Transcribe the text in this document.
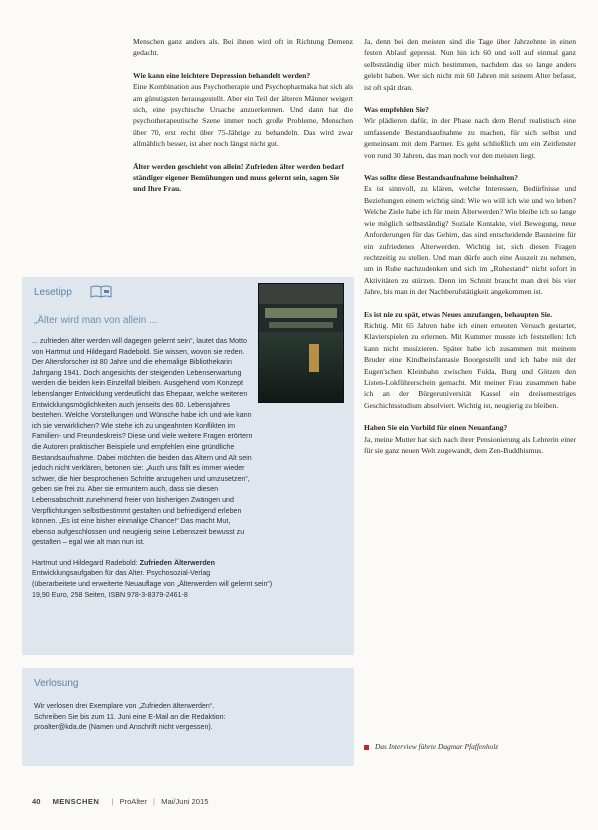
Menschen ganz anders als. Bei ihnen wird oft in Richtung Demenz gedacht.

Wie kann eine leichtere Depression behandelt werden?

Eine Kombination aus Psychotherapie und Psychopharmaka hat sich als am günstigsten herausgestellt. Aber ein Teil der älteren Männer weigert sich, eine psychische Ursache anzuerkennen. Und dann hat die psychotherapeutische Szene immer noch große Probleme, Menschen über 70, erst recht über 75-Jährige zu behandeln. Das wird zwar allmählich besser, ist aber noch längst nicht gut.

Älter werden geschieht von allein! Zufrieden älter werden bedarf ständiger eigener Bemühungen und muss gelernt sein, sagen Sie und Ihre Frau.

Lesetipp
„Älter wird man von allein ...

... zufrieden älter werden will dagegen gelernt sein“, lautet das Motto von Hartmut und Hildegard Radebold. Sie wissen, wovon sie reden. Der Altersforscher ist 80 Jahre und die ehemalige Bibliothekarin Jahrgang 1941. Doch angesichts der steigenden Lebenserwartung werden die beiden kein Einzelfall bleiben. Ausgehend vom Konzept lebenslanger Entwicklung verdeutlicht das Ehepaar, welche weiteren Entwicklungsmöglichkeiten auch jenseits des 60. Lebensjahres bestehen. Welche Vorstellungen und Wünsche habe ich und wie kann ich sie verwirklichen? Wie stehe ich zu ungeahnten Konflikten im Familien- und Freundeskreis? Diese und viele weitere Fragen erörtern die Autoren praktischer Beispiele und empfehlen eine gründliche Bestandsaufnahme. Dabei möchten die beiden das Altern und Alt sein jedoch nicht verklären, betonen sie: „Auch uns fällt es immer wieder schwer, die hier besprochenen Schritte anzugehen und umzusetzen“, geben sie frei zu. Aber sie ermuntern auch, dass sie diesen Lebensabschnitt zunehmend freier von bisherigen Zwängen und Verpflichtungen selbstbestimmt gestalten und befriedigend erleben können. „Es ist eine bisher einmalige Chance!“ Das macht Mut, ebenso aufgeschlossen und neugierig seine Lebenszeit bewusst zu gestalten – egal wie alt man nun ist.

Hartmut und Hildegard Radebold: Zufrieden Älterwerden
Entwicklungsaufgaben für das Alter. Psychosozial-Verlag
(überarbeitete und erweiterte Neuauflage von „Älterwerden will gelernt sein“)
19,90 Euro, 258 Seiten, ISBN 978-3-8379-2461-8
Verlosung
Wir verlosen drei Exemplare von „Zufrieden älterwerden“.
Schreiben Sie bis zum 11. Juni eine E-Mail an die Redaktion:
proalter@kda.de (Namen und Anschrift nicht vergessen).

Ja, denn bei den meisten sind die Tage über Jahrzehnte in einen festen Ablauf gepresst. Nun hin ich 60 und soll auf einmal ganz selbstständig über mich bestimmen, nachdem das so lange anders gelebt haben. Wer sich nicht mit 60 Jahren mit seinem Alter befasst, ist oft spät dran.

Was empfehlen Sie?

Wir plädieren dafür, in der Phase nach dem Beruf realistisch eine umfassende Bestandsaufnahme zu machen, für sich selbst und gemeinsam mit dem Partner. Es geht schließlich um ein Zeitfenster von rund 30 Jahren, das man noch vor den meisten liegt.

Was sollte diese Bestandsaufnahme beinhalten?

Es ist sinnvoll, zu klären, welche Interessen, Bedürfnisse und Beziehungen einem wichtig sind: Wie wo will ich wie und wo leben? Welche Ziele habe ich für mein Älterwerden? Wie bleibe ich so lange wie möglich selbstständig? Soziale Kontakte, viel Bewegung, neue Anforderungen für das Gehirn, das sind entscheidende Bausteine für ein zufriedenes Älterwerden. Wichtig ist, sich diesen Fragen rechtzeitig zu stellen. Und man dürfe auch eine Auszeit zu nehmen, um in Ruhe nachzudenken und sich im „Ruhestand“ nicht sofort in Aktivitäten zu stürzen. Denn im Schnitt braucht man drei bis vier Jahre, bis man in der Nachberufstätigkeit angekommen ist.

Es ist nie zu spät, etwas Neues anzufangen, behaupten Sie.

Richtig. Mit 65 Jahren habe ich einen erneuten Versuch gestartet, Klavierspielen zu erlernen. Mit Kummer musste ich feststellen: Ich kann nicht musizieren. Später habe ich zusammen mit meinem Bruder eine Kindheitsfantasie Boorgestellt und ich habe mit der Eugen'schen Kleinbahn zwischen Fulda, Burg und Götzen den Listen-Lokführerschein gemacht. Mit meiner Frau zusammen habe ich an der Bürgeruniversität Kassel ein dreisemestriges Geschichtsstudium absolviert. Wichtig ist, neugierig zu bleiben.

Haben Sie ein Vorbild für einen Neuanfang?

Ja, meine Mutter hat sich nach ihrer Pensionierung als Lehrerin einer für sie ganz neuen Welt zugewandt, dem Zen-Buddhismus.

Das Interview führte Dagmar Pfaffenholz
40 MENSCHEN | ProAlter | Mai/Juni 2015
